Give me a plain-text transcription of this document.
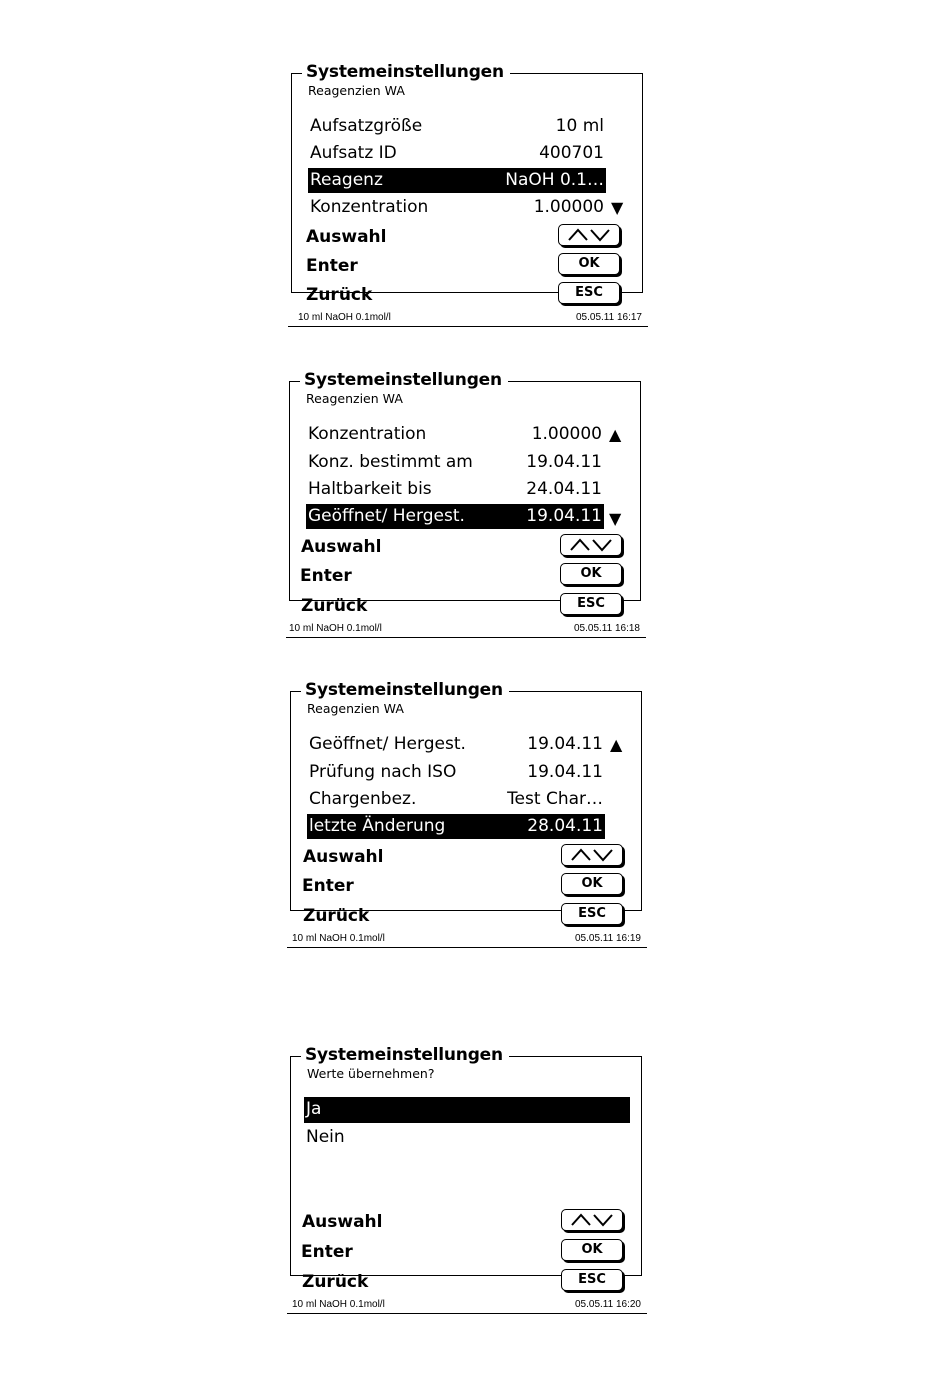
Systemeinstellungen
Reagenzien WA
Aufsatzgröße	10 ml
Aufsatz ID	400701
Reagenz	NaOH 0.1…
Konzentration	1.00000 ▼
Auswahl
Enter	OK
Zurück	ESC
10 ml NaOH 0.1mol/l	05.05.11 16:17
Systemeinstellungen
Reagenzien WA
Konzentration	1.00000 ▲
Konz. bestimmt am	19.04.11
Haltbarkeit bis	24.04.11
Geöffnet/ Hergest.	19.04.11 ▼
Auswahl
Enter	OK
Zurück	ESC
10 ml NaOH 0.1mol/l	05.05.11 16:18
Systemeinstellungen
Reagenzien WA
Geöffnet/ Hergest.	19.04.11 ▲
Prüfung nach ISO	19.04.11
Chargenbez.	Test Char…
letzte Änderung	28.04.11
Auswahl
Enter	OK
Zurück	ESC
10 ml NaOH 0.1mol/l	05.05.11 16:19
Systemeinstellungen
Werte übernehmen?
Ja
Nein
Auswahl
Enter	OK
Zurück	ESC
10 ml NaOH 0.1mol/l	05.05.11 16:20
